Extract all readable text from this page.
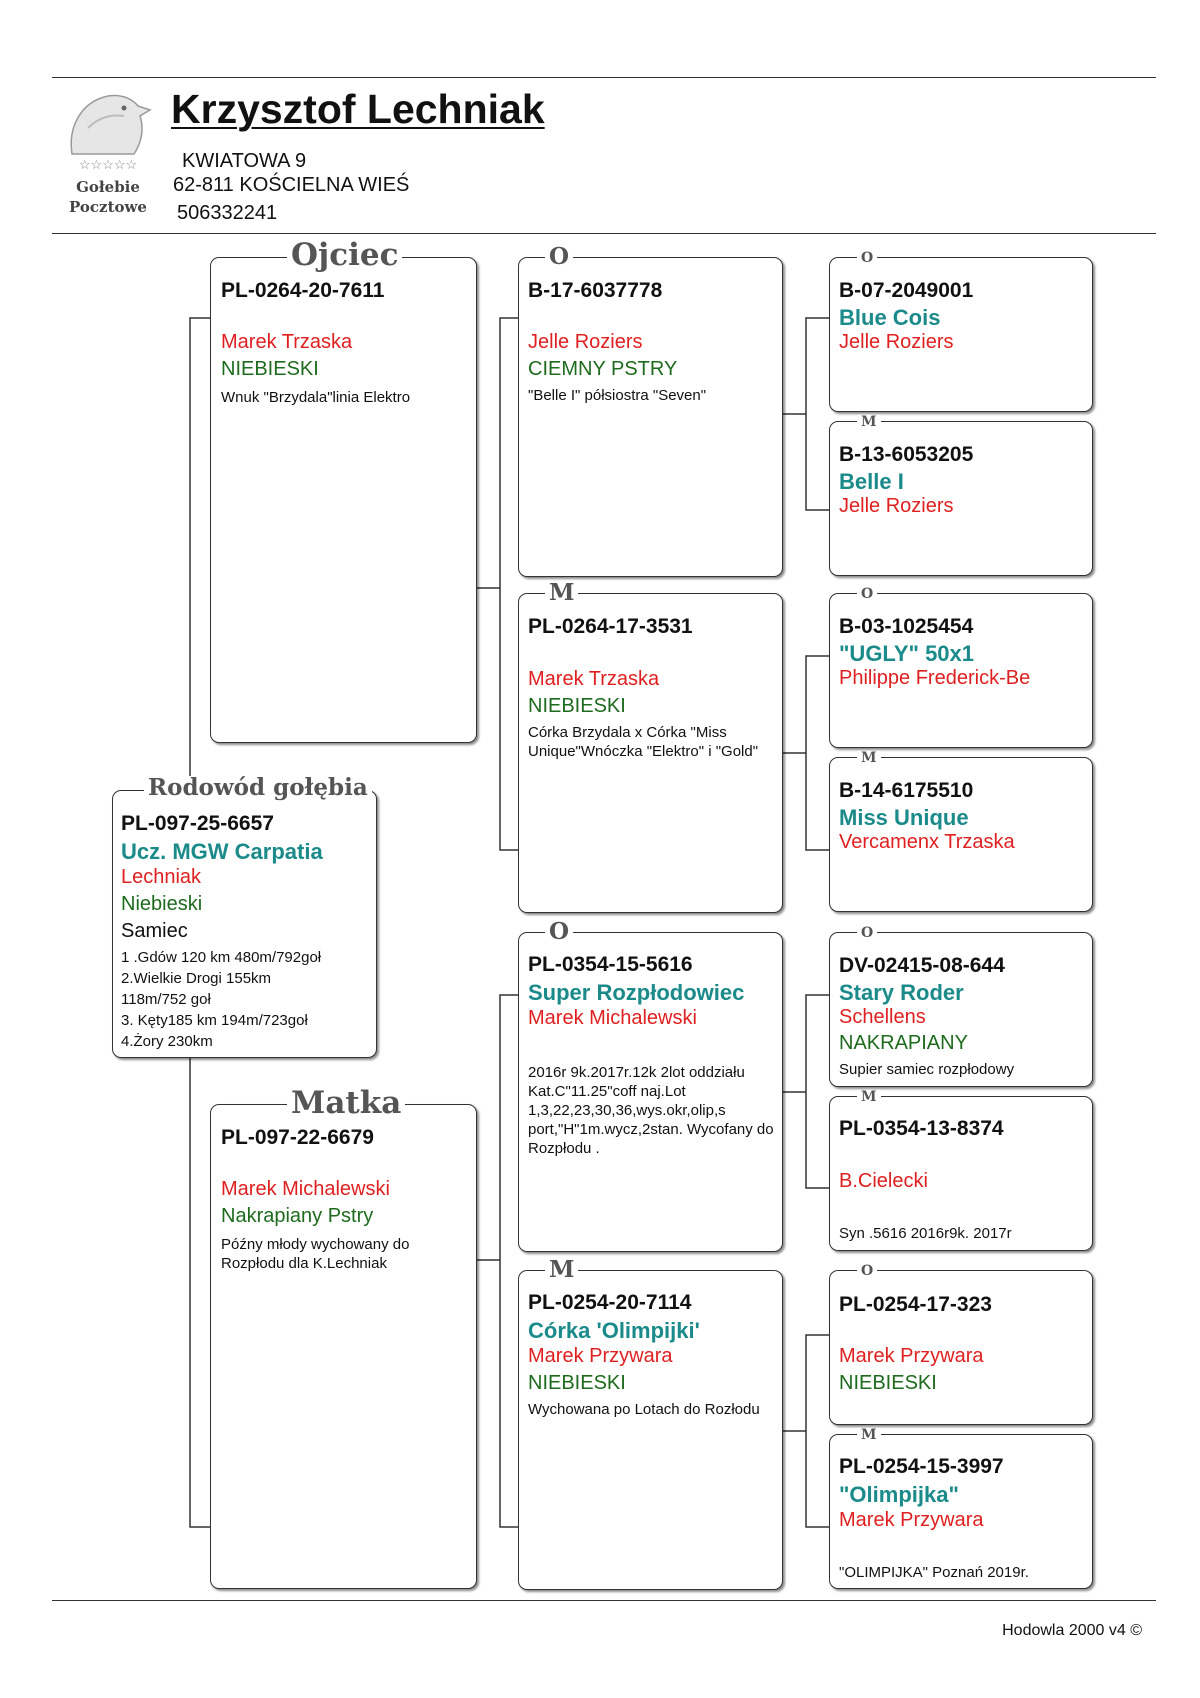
☆☆☆☆☆
Gołebie
Pocztowe
Krzysztof Lechniak
KWIATOWA 9
62-811 KOŚCIELNA WIEŚ
506332241
Rodowód gołębia
PL-097-25-6657
Ucz. MGW Carpatia
Lechniak
Niebieski
Samiec
1 .Gdów 120 km 480m/792goł
2.Wielkie Drogi 155km
118m/752 goł
3. Kęty185 km 194m/723goł
4.Żory 230km
Ojciec
PL-0264-20-7611
Marek Trzaska
NIEBIESKI
Wnuk "Brzydala"linia Elektro
Matka
PL-097-22-6679
Marek Michalewski
Nakrapiany Pstry
Późny młody wychowany do Rozpłodu dla K.Lechniak
O
B-17-6037778
Jelle Roziers
CIEMNY PSTRY
"Belle I" półsiostra "Seven"
M
PL-0264-17-3531
Marek Trzaska
NIEBIESKI
Córka Brzydala x Córka "Miss Unique"Wnóczka "Elektro" i "Gold"
O
PL-0354-15-5616
Super Rozpłodowiec
Marek Michalewski
2016r 9k.2017r.12k 2lot oddziału Kat.C"11.25"coff naj.Lot 1,3,22,23,30,36,wys.okr,olip,s port,"H"1m.wycz,2stan. Wycofany do Rozpłodu .
M
PL-0254-20-7114
Córka 'Olimpijki'
Marek Przywara
NIEBIESKI
Wychowana po Lotach do Rozłodu
O
B-07-2049001
Blue Cois
Jelle Roziers
M
B-13-6053205
Belle I
Jelle Roziers
O
B-03-1025454
"UGLY" 50x1
Philippe Frederick-Be
M
B-14-6175510
Miss Unique
Vercamenx Trzaska
O
DV-02415-08-644
Stary Roder
Schellens
NAKRAPIANY
Supier samiec rozpłodowy
M
PL-0354-13-8374
B.Cielecki
Syn .5616 2016r9k. 2017r
O
PL-0254-17-323
Marek Przywara
NIEBIESKI
M
PL-0254-15-3997
"Olimpijka"
Marek Przywara
"OLIMPIJKA" Poznań 2019r.
Hodowla 2000 v4 ©
